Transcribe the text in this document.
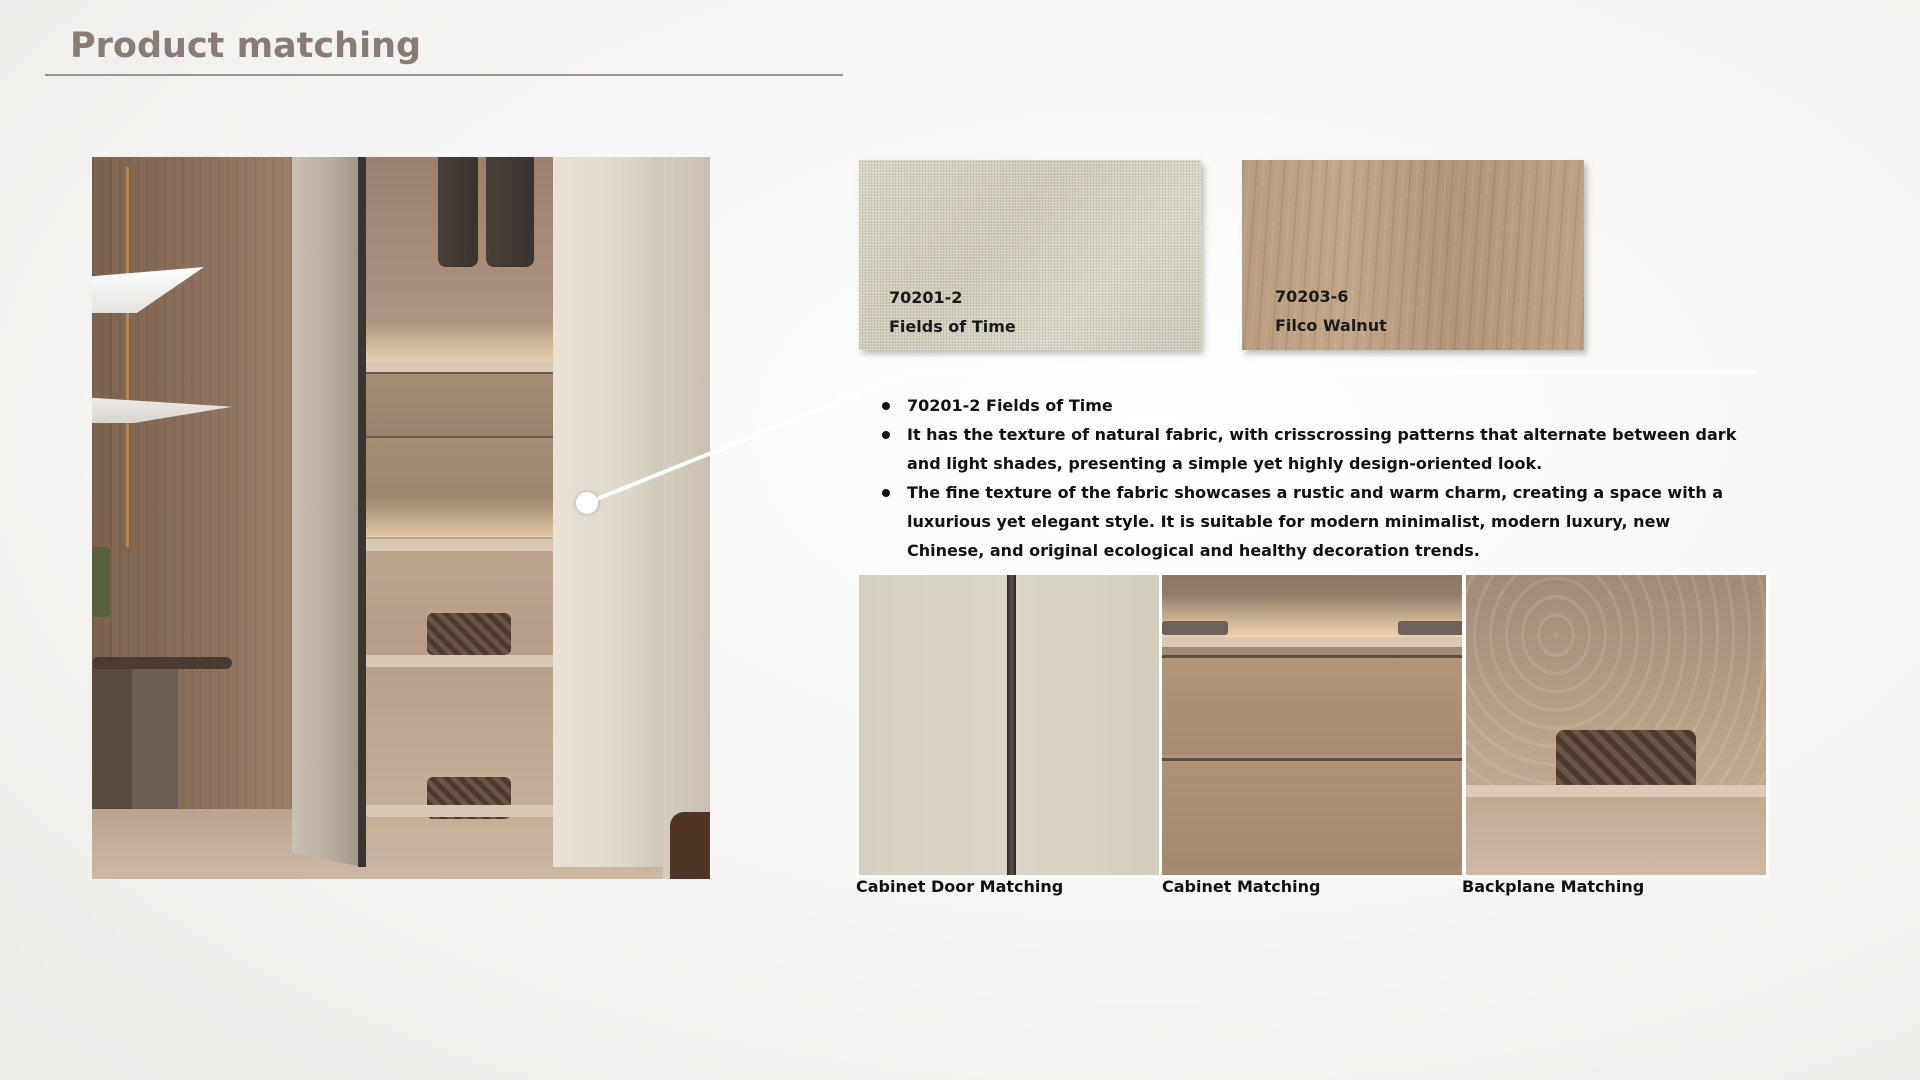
Product matching
70201-2
Fields of Time
70203-6
Filco Walnut
70201-2 Fields of Time
It has the texture of natural fabric, with crisscrossing patterns that alternate between dark and light shades, presenting a simple yet highly design-oriented look.
The fine texture of the fabric showcases a rustic and warm charm, creating a space with a luxurious yet elegant style. It is suitable for modern minimalist, modern luxury, new Chinese, and original ecological and healthy decoration trends.
Cabinet Door Matching	Cabinet Matching	Backplane Matching
